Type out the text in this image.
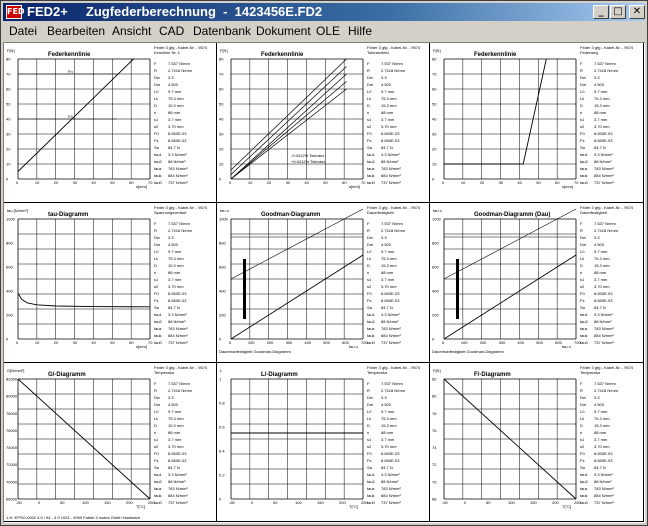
FED FED2+     Zugfederberechnung  -  1423456E.FD2	_ □	✕
Datei Bearbeiten Ansicht CAD Datenbank Dokument OLE Hilfe
Federkennlinie
F[N]
s[mm]
0	10	20	30	40	50	60	70
80
70
60
50
40
30
20
10
0
Fn
F2
Feder 3 gfg - Kabel-Nr. - 9574
Kennlinie Nr. 1
F	7.537 N/mm
R	2.7418 N/mm
Dw 3.3
Dm 4.500
L0 9.7 mm
Lk 75.3 mm
D	15.3 mm
n	88 mm
s1 3.7 mm
s2 3.70 mm
F0 8.650E-03
Fs 8.650E-03
Sa 84.7 N
tau1 3.3 N/mm²
tau2 88 N/mm²
tauz 783 N/mm²
tauk 884 N/mm²
tau0 737 N/mm²
Federkennlinie
F[N]
s[mm]
0	10	20	30	40	50	60	70
80
70
60
50
40
30
20
10
0
-0.0412% Toleranz
+0.0412% Toleranz
Feder 3 gfg - Kabel-Nr. - 9574
Toleranzfeld
F	7.537 N/mm
R	2.7418 N/mm
Dw 3.3
Dm 4.500
L0 9.7 mm
Lk 75.3 mm
D	15.3 mm
n	88 mm
s1 3.7 mm
s2 3.70 mm
F0 8.650E-03
Fs 8.650E-03
Sa 84.7 N
tau1 3.3 N/mm²
tau2 88 N/mm²
tauz 783 N/mm²
tauk 884 N/mm²
tau0 737 N/mm²
Federkennlinie
F[N]
s[mm]
0	10	20	30	40	50	60	70
80
70
60
50
40
30
20
10
0
Feder 3 gfg - Kabel-Nr. - 9574
Federweg
F	7.537 N/mm
R	2.7418 N/mm
Dw 3.3
Dm 4.500
L0 9.7 mm
Lk 75.3 mm
D	15.3 mm
n	88 mm
s1 3.7 mm
s2 3.70 mm
F0 8.650E-03
Fs 8.650E-03
Sa 84.7 N
tau1 3.3 N/mm²
tau2 88 N/mm²
tauz 783 N/mm²
tauk 884 N/mm²
tau0 737 N/mm²
tau-Diagramm
tau [N/mm²]
s[mm]
0	10	20	30	40	50	60	70
1000
800
600
400
200
0
Feder 3 gfg - Kabel-Nr. - 9574
Spannungsverlauf
F	7.537 N/mm
R	2.7418 N/mm
Dw 3.3
Dm 4.500
L0 9.7 mm
Lk 75.3 mm
D	15.3 mm
n	88 mm
s1 3.7 mm
s2 3.70 mm
F0 8.650E-03
Fs 8.650E-03
Sa 84.7 N
tau1 3.3 N/mm²
tau2 88 N/mm²
tauz 783 N/mm²
tauk 884 N/mm²
tau0 737 N/mm²
Goodman-Diagramm
tau o
tau u
0	100	200	300	400	500	600	700
1000
800
600
400
200
0
Dauerhubfestigkeit Goodman-Diagramm
Feder 3 gfg - Kabel-Nr. - 9574
Dauerfestigkeit
F	7.537 N/mm
R	2.7418 N/mm
Dw 3.3
Dm 4.500
L0 9.7 mm
Lk 75.3 mm
D	15.3 mm
n	88 mm
s1 3.7 mm
s2 3.70 mm
F0 8.650E-03
Fs 8.650E-03
Sa 84.7 N
tau1 3.3 N/mm²
tau2 88 N/mm²
tauz 783 N/mm²
tauk 884 N/mm²
tau0 737 N/mm²
Goodman-Diagramm (Dau)
tau o
tau u
0	100	200	300	400	500	600	700
1000
800
600
400
200
0
Dauerhubfestigkeit Goodman-Diagramm
Feder 3 gfg - Kabel-Nr. - 9574
Dauerfestigkeit
F	7.537 N/mm
R	2.7418 N/mm
Dw 3.3
Dm 4.500
L0 9.7 mm
Lk 75.3 mm
D	15.3 mm
n	88 mm
s1 3.7 mm
s2 3.70 mm
F0 8.650E-03
Fs 8.650E-03
Sa 84.7 N
tau1 3.3 N/mm²
tau2 88 N/mm²
tauz 783 N/mm²
tauk 884 N/mm²
tau0 737 N/mm²
G/-Diagramm
G[N/mm²]
T[°C]
-50	0	50	100	150	200	250
82000
80000
78000
76000
74000
72000
70000
68000
Feder 3 gfg - Kabel-Nr. - 9574
Temperatur
F	7.537 N/mm
R	2.7418 N/mm
Dw 3.3
Dm 4.500
L0 9.7 mm
Lk 75.3 mm
D	15.3 mm
n	88 mm
s1 3.7 mm
s2 3.70 mm
F0 8.650E-03
Fs 8.650E-03
Sa 84.7 N
tau1 3.3 N/mm²
tau2 88 N/mm²
tauz 783 N/mm²
tauk 884 N/mm²
tau0 737 N/mm²
1-H: EPSO-0002 4.5 / 94 - 4.9 1024 - 4999 Fabrik 3 nodes Gmbh Hardware
L/-Diagramm
L
T[°C]
-50	0	50	100	150	200	250
1
0.8
0.6
0.4
0.2
0
Feder 3 gfg - Kabel-Nr. - 9574
Temperatur
F	7.537 N/mm
R	2.7418 N/mm
Dw 3.3
Dm 4.500
L0 9.7 mm
Lk 75.3 mm
D	15.3 mm
n	88 mm
s1 3.7 mm
s2 3.70 mm
F0 8.650E-03
Fs 8.650E-03
Sa 84.7 N
tau1 3.3 N/mm²
tau2 88 N/mm²
tauz 783 N/mm²
tauk 884 N/mm²
tau0 737 N/mm²
F/-Diagramm
F[N]
T[°C]
-50	0	50	100	150	200	250
82
80
78
76
74
72
70
68
Feder 3 gfg - Kabel-Nr. - 9574
Temperatur
F	7.537 N/mm
R	2.7418 N/mm
Dw 3.3
Dm 4.500
L0 9.7 mm
Lk 75.3 mm
D	15.3 mm
n	88 mm
s1 3.7 mm
s2 3.70 mm
F0 8.650E-03
Fs 8.650E-03
Sa 84.7 N
tau1 3.3 N/mm²
tau2 88 N/mm²
tauz 783 N/mm²
tauk 884 N/mm²
tau0 737 N/mm²
